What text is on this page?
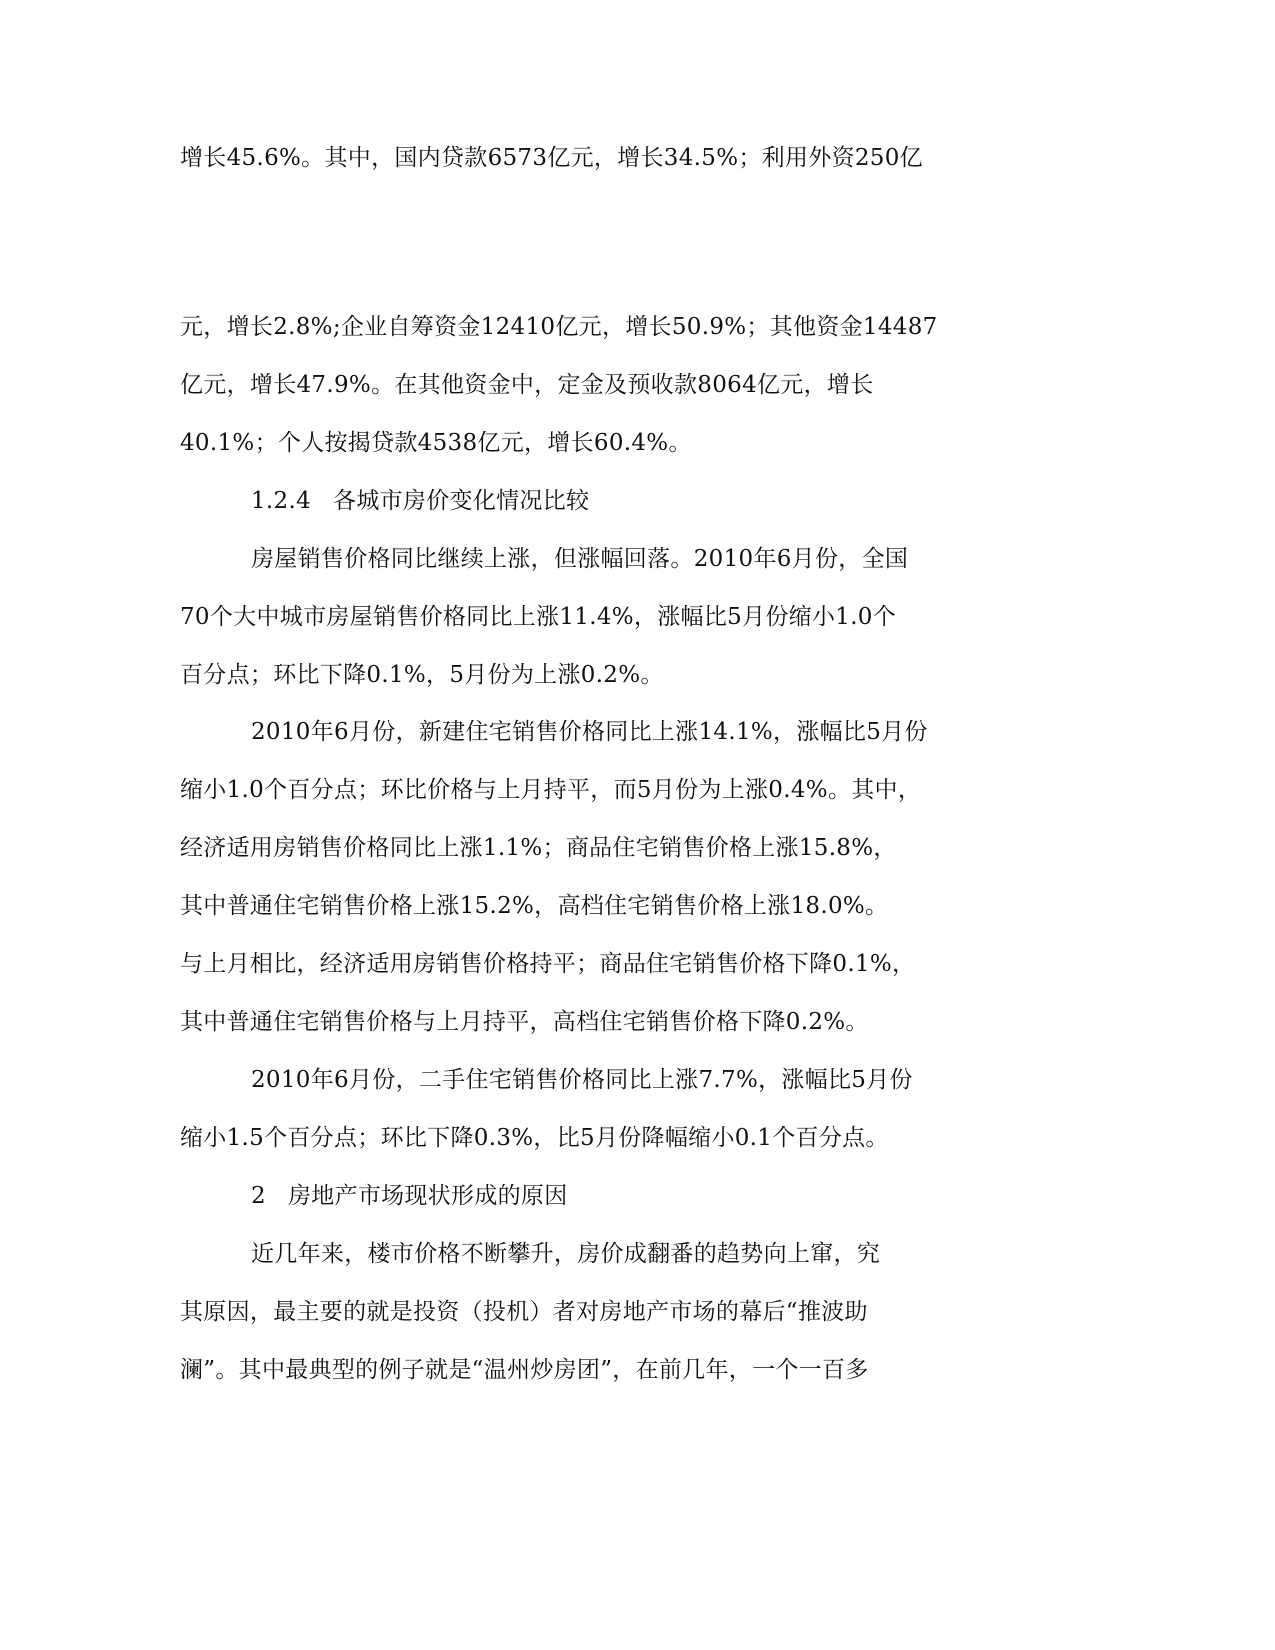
增长45.6%。其中，国内贷款6573亿元，增长34.5%；利用外资250亿
元，增长2.8%;企业自筹资金12410亿元，增长50.9%；其他资金14487
亿元，增长47.9%。在其他资金中，定金及预收款8064亿元，增长
40.1%；个人按揭贷款4538亿元，增长60.4%。
1.2.4 各城市房价变化情况比较
房屋销售价格同比继续上涨，但涨幅回落。2010年6月份，全国
70个大中城市房屋销售价格同比上涨11.4%，涨幅比5月份缩小1.0个
百分点；环比下降0.1%，5月份为上涨0.2%。
2010年6月份，新建住宅销售价格同比上涨14.1%，涨幅比5月份
缩小1.0个百分点；环比价格与上月持平，而5月份为上涨0.4%。其中，
经济适用房销售价格同比上涨1.1%；商品住宅销售价格上涨15.8%，
其中普通住宅销售价格上涨15.2%，高档住宅销售价格上涨18.0%。
与上月相比，经济适用房销售价格持平；商品住宅销售价格下降0.1%，
其中普通住宅销售价格与上月持平，高档住宅销售价格下降0.2%。
2010年6月份，二手住宅销售价格同比上涨7.7%，涨幅比5月份
缩小1.5个百分点；环比下降0.3%，比5月份降幅缩小0.1个百分点。
2 房地产市场现状形成的原因
近几年来，楼市价格不断攀升，房价成翻番的趋势向上窜，究
其原因，最主要的就是投资（投机）者对房地产市场的幕后“推波助
澜”。其中最典型的例子就是“温州炒房团”，在前几年，一个一百多
